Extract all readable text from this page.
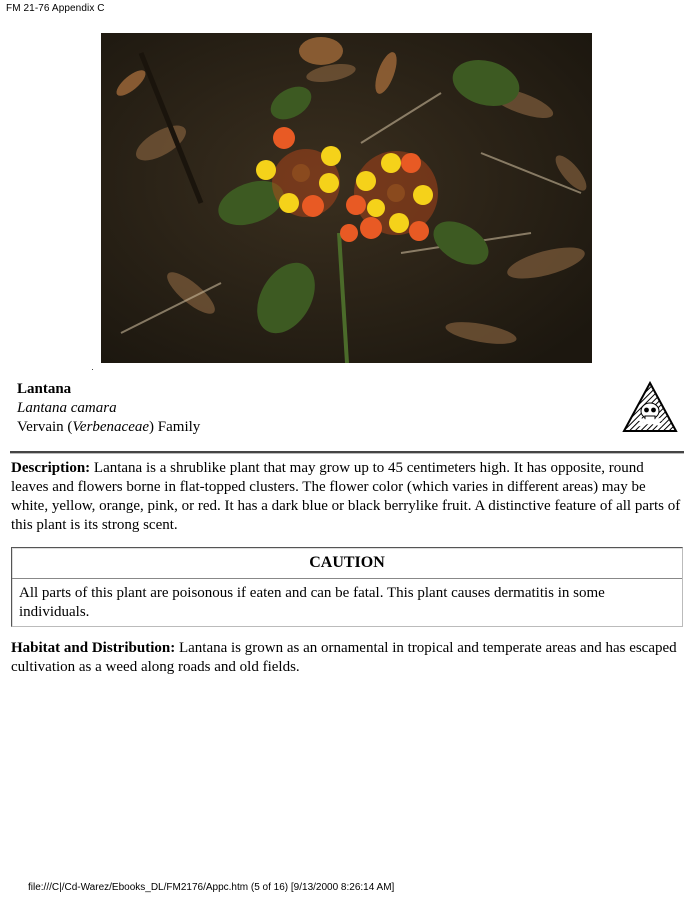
FM 21-76 Appendix C
Lantana
Lantana camara
Vervain (Verbenaceae) Family
Description: Lantana is a shrublike plant that may grow up to 45 centimeters high. It has opposite, round leaves and flowers borne in flat-topped clusters. The flower color (which varies in different areas) may be white, yellow, orange, pink, or red. It has a dark blue or black berrylike fruit. A distinctive feature of all parts of this plant is its strong scent.
CAUTION
All parts of this plant are poisonous if eaten and can be fatal. This plant causes dermatitis in some individuals.
Habitat and Distribution: Lantana is grown as an ornamental in tropical and temperate areas and has escaped cultivation as a weed along roads and old fields.
file:///C|/Cd-Warez/Ebooks_DL/FM2176/Appc.htm (5 of 16) [9/13/2000 8:26:14 AM]
